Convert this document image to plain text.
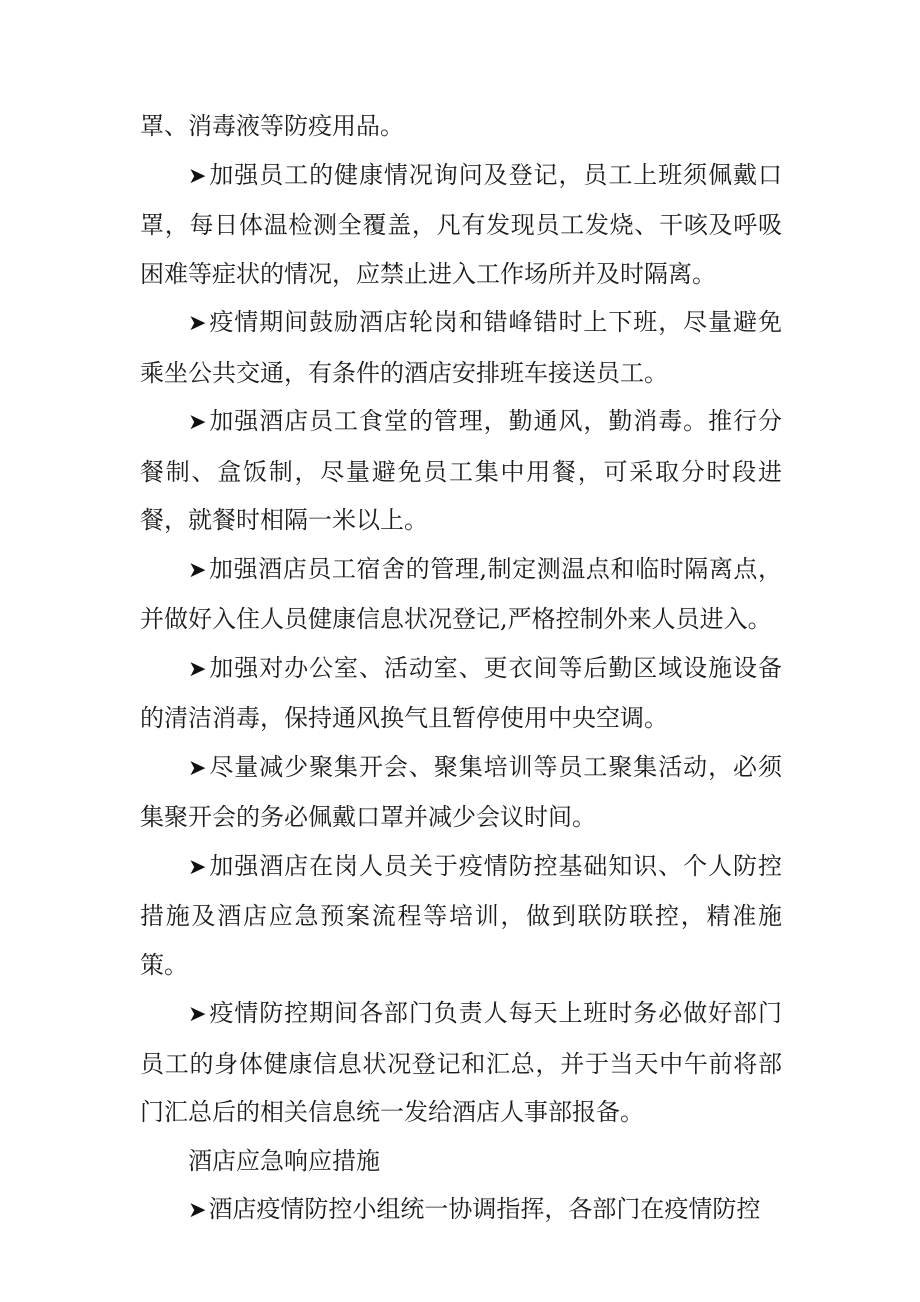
罩、消毒液等防疫用品。

➤加强员工的健康情况询问及登记，员工上班须佩戴口罩，每日体温检测全覆盖，凡有发现员工发烧、干咳及呼吸困难等症状的情况，应禁止进入工作场所并及时隔离。

➤疫情期间鼓励酒店轮岗和错峰错时上下班，尽量避免乘坐公共交通，有条件的酒店安排班车接送员工。

➤加强酒店员工食堂的管理，勤通风，勤消毒。推行分餐制、盒饭制，尽量避免员工集中用餐，可采取分时段进餐，就餐时相隔一米以上。

➤加强酒店员工宿舍的管理,制定测温点和临时隔离点，并做好入住人员健康信息状况登记,严格控制外来人员进入。

➤加强对办公室、活动室、更衣间等后勤区域设施设备的清洁消毒，保持通风换气且暂停使用中央空调。

➤尽量减少聚集开会、聚集培训等员工聚集活动，必须集聚开会的务必佩戴口罩并减少会议时间。

➤加强酒店在岗人员关于疫情防控基础知识、个人防控措施及酒店应急预案流程等培训，做到联防联控，精准施策。

➤疫情防控期间各部门负责人每天上班时务必做好部门员工的身体健康信息状况登记和汇总，并于当天中午前将部门汇总后的相关信息统一发给酒店人事部报备。

酒店应急响应措施

➤酒店疫情防控小组统一协调指挥，各部门在疫情防控
